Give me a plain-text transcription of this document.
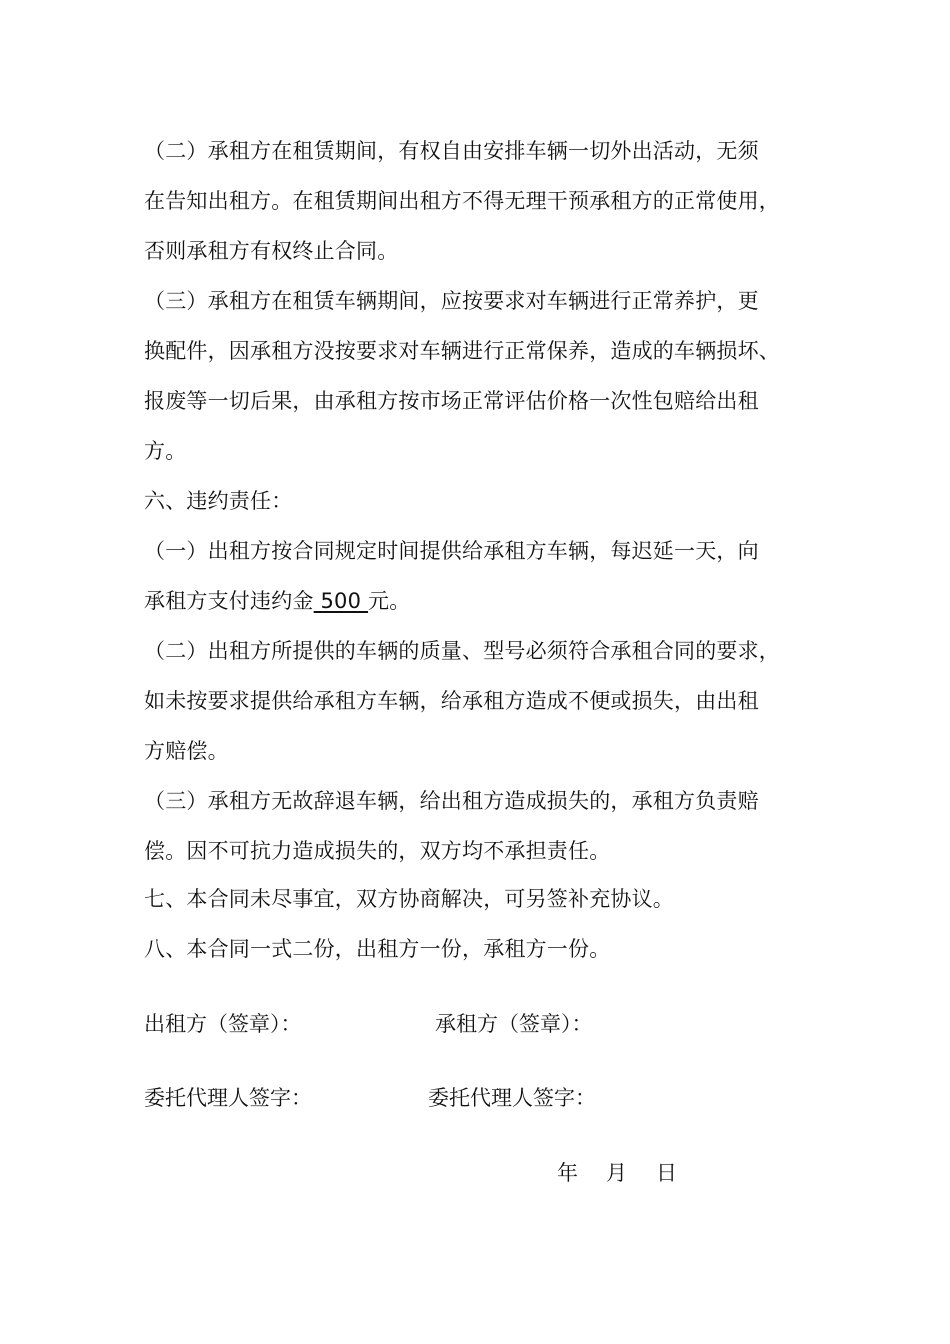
（二）承租方在租赁期间，有权自由安排车辆一切外出活动，无须
在告知出租方。在租赁期间出租方不得无理干预承租方的正常使用，
否则承租方有权终止合同。
（三）承租方在租赁车辆期间，应按要求对车辆进行正常养护，更
换配件，因承租方没按要求对车辆进行正常保养，造成的车辆损坏、
报废等一切后果，由承租方按市场正常评估价格一次性包赔给出租
方。
六、违约责任：
（一）出租方按合同规定时间提供给承租方车辆，每迟延一天，向
承租方支付违约金 500 元。
（二）出租方所提供的车辆的质量、型号必须符合承租合同的要求，
如未按要求提供给承租方车辆，给承租方造成不便或损失，由出租
方赔偿。
（三）承租方无故辞退车辆，给出租方造成损失的，承租方负责赔
偿。因不可抗力造成损失的，双方均不承担责任。
七、本合同未尽事宜，双方协商解决，可另签补充协议。
八、本合同一式二份，出租方一份，承租方一份。
出租方（签章）：	承租方（签章）：
委托代理人签字：	委托代理人签字：
年 月 日
